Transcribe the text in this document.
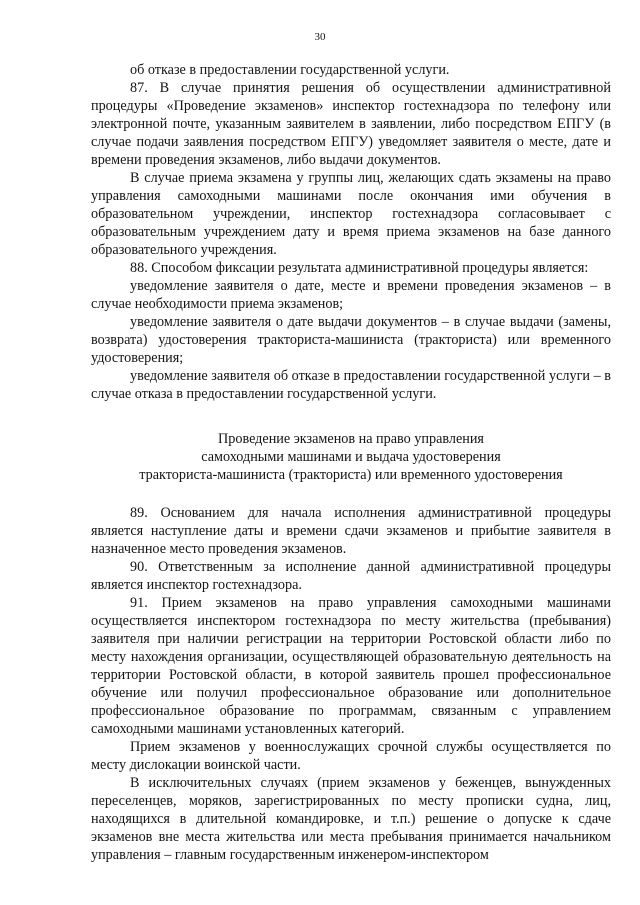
30

об отказе в предоставлении государственной услуги.

87. В случае принятия решения об осуществлении административной процедуры «Проведение экзаменов» инспектор гостехнадзора по телефону или электронной почте, указанным заявителем в заявлении, либо посредством ЕПГУ (в случае подачи заявления посредством ЕПГУ) уведомляет заявителя о месте, дате и времени проведения экзаменов, либо выдачи документов.

В случае приема экзамена у группы лиц, желающих сдать экзамены на право управления самоходными машинами после окончания ими обучения в образовательном учреждении, инспектор гостехнадзора согласовывает с образовательным учреждением дату и время приема экзаменов на базе данного образовательного учреждения.

88. Способом фиксации результата административной процедуры является:

уведомление заявителя о дате, месте и времени проведения экзаменов – в случае необходимости приема экзаменов;

уведомление заявителя о дате выдачи документов – в случае выдачи (замены, возврата) удостоверения тракториста-машиниста (тракториста) или временного удостоверения;

уведомление заявителя об отказе в предоставлении государственной услуги – в случае отказа в предоставлении государственной услуги.

Проведение экзаменов на право управления
самоходными машинами и выдача удостоверения
тракториста-машиниста (тракториста) или временного удостоверения

89. Основанием для начала исполнения административной процедуры является наступление даты и времени сдачи экзаменов и прибытие заявителя в назначенное место проведения экзаменов.

90. Ответственным за исполнение данной административной процедуры является инспектор гостехнадзора.

91. Прием экзаменов на право управления самоходными машинами осуществляется инспектором гостехнадзора по месту жительства (пребывания) заявителя при наличии регистрации на территории Ростовской области либо по месту нахождения организации, осуществляющей образовательную деятельность на территории Ростовской области, в которой заявитель прошел профессиональное обучение или получил профессиональное образование или дополнительное профессиональное образование по программам, связанным с управлением самоходными машинами установленных категорий.

Прием экзаменов у военнослужащих срочной службы осуществляется по месту дислокации воинской части.

В исключительных случаях (прием экзаменов у беженцев, вынужденных переселенцев, моряков, зарегистрированных по месту прописки судна, лиц, находящихся в длительной командировке, и т.п.) решение о допуске к сдаче экзаменов вне места жительства или места пребывания принимается начальником управления – главным государственным инженером-инспектором
